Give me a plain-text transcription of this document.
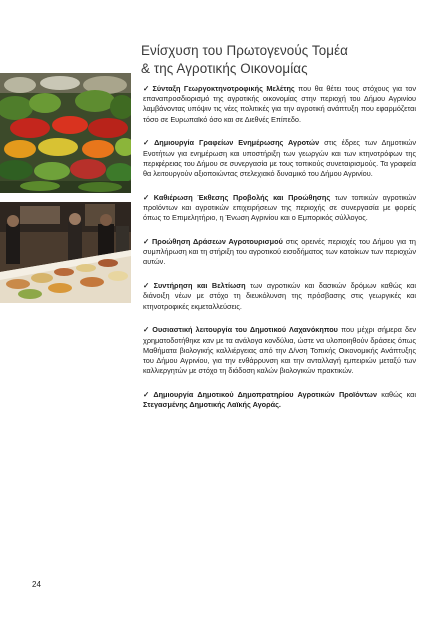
Ενίσχυση του Πρωτογενούς Τομέα
& της Αγροτικής Οικονομίας

✓ Σύνταξη Γεωργοκτηνοτροφικής Μελέτης που θα θέτει τους στόχους για τον επαναπροσδιορισμό της αγροτικής οικονομίας στην περιοχή του Δήμου Αγρινίου λαμβάνοντας υπόψιν τις νέες πολιτικές για την αγροτική ανάπτυξη που εφαρμόζεται τόσο σε Ευρωπαϊκό όσο και σε Διεθνές Επίπεδο.

✓ Δημιουργία Γραφείων Ενημέρωσης Αγροτών στις έδρες των Δημοτικών Ενοτήτων για ενημέρωση και υποστήριξη των γεωργών και των κτηνοτρόφων της περιφέρειας του Δήμου σε συνεργασία με τους τοπικούς συνεταιρισμούς. Τα γραφεία θα λειτουργούν αξιοποιώντας στελεχιακό δυναμικό του Δήμου Αγρινίου.

✓ Καθιέρωση Έκθεσης Προβολής και Προώθησης των τοπικών αγροτικών προϊόντων και αγροτικών επιχειρήσεων της περιοχής σε συνεργασία με φορείς όπως το Επιμελητήριο, η Ένωση Αγρινίου και ο Εμπορικός σύλλογος.

✓ Προώθηση Δράσεων Αγροτουρισμού στις ορεινές περιοχές του Δήμου για τη συμπλήρωση και τη στήριξη του αγροτικού εισοδήματος των κατοίκων των περιοχών αυτών.

✓ Συντήρηση και Βελτίωση των αγροτικών και δασικών δρόμων καθώς και διάνοιξη νέων με στόχο τη διευκόλυνση της πρόσβασης στις γεωργικές και κτηνοτροφικές εκμεταλλεύσεις.

✓ Ουσιαστική λειτουργία του Δημοτικού Λαχανόκηπου που μέχρι σήμερα δεν χρηματοδοτήθηκε καν με τα ανάλογα κονδύλια, ώστε να υλοποιηθούν δράσεις όπως Μαθήματα βιολογικής καλλιέργειας από την Δ/νση Τοπικής Οικονομικής Ανάπτυξης του Δήμου Αγρινίου, για την ενθάρρυνση και την ανταλλαγή εμπειριών μεταξύ των καλλιεργητών με στόχο τη διάδοση καλών βιολογικών πρακτικών.

✓ Δημιουργία Δημοτικού Δημοπρατηρίου Αγροτικών Προϊόντων καθώς και Στεγασμένης Δημοτικής Λαϊκής Αγοράς.

24
